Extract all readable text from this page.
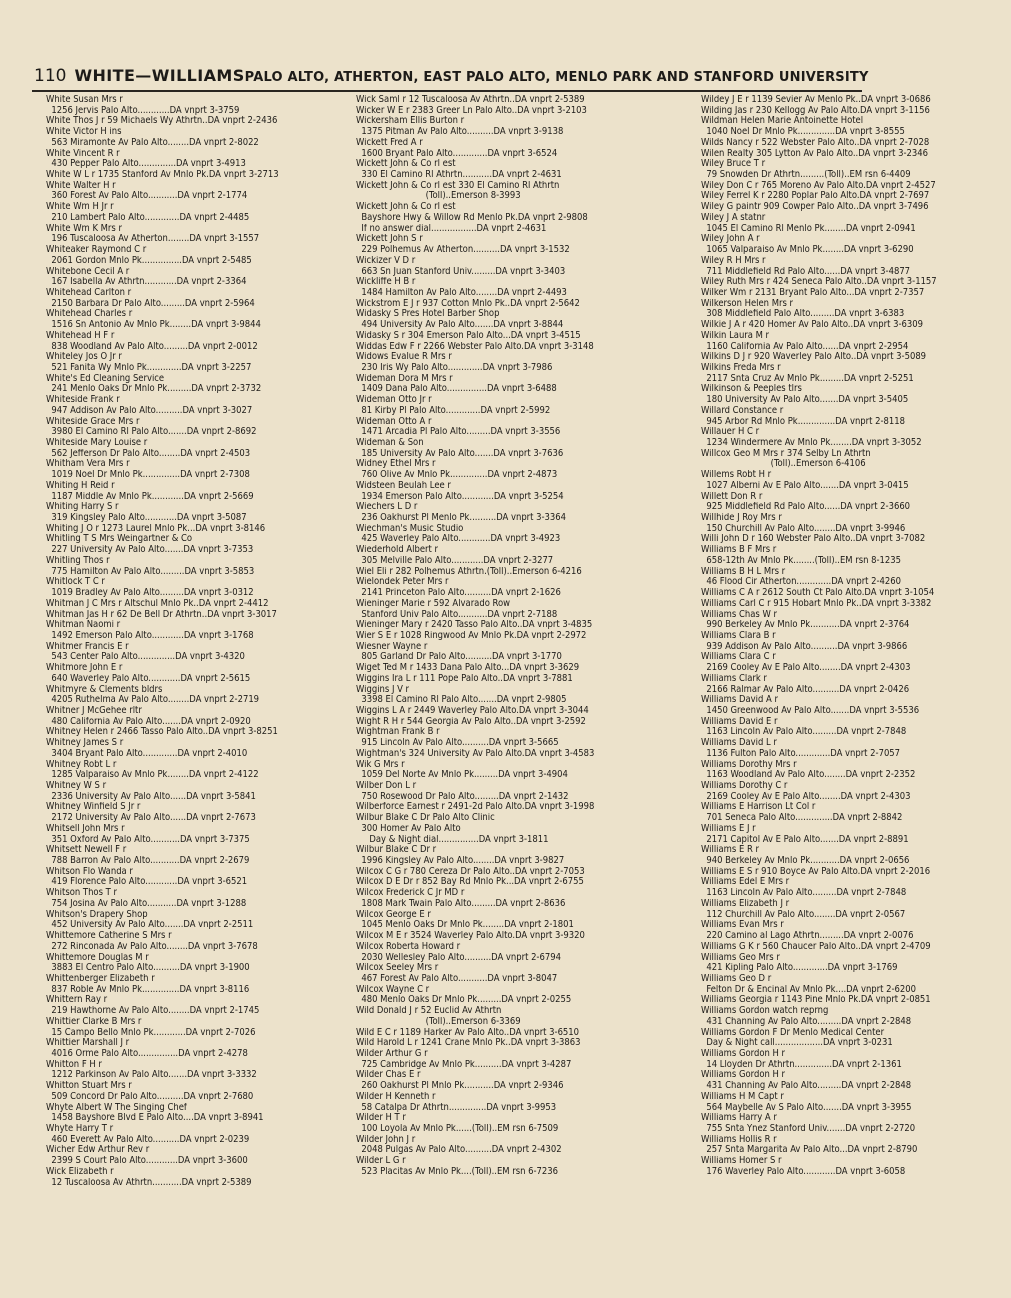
110 WHITE—WILLIAMS PALO ALTO, ATHERTON, EAST PALO ALTO, MENLO PARK AND STANFORD UNIVERSITY
White Susan Mrs r
1256 Jervis Palo Alto............DA vnprt 3-3759
White Thos J r 59 Michaels Wy Athrtn..DA vnprt 2-2436
White Victor H ins
563 Miramonte Av Palo Alto........DA vnprt 2-8022
White Vincent R r
430 Pepper Palo Alto..............DA vnprt 3-4913
White W L r 1735 Stanford Av Mnlo Pk.DA vnprt 3-2713
White Walter H r
360 Forest Av Palo Alto...........DA vnprt 2-1774
White Wm H Jr r
210 Lambert Palo Alto.............DA vnprt 2-4485
White Wm K Mrs r
196 Tuscaloosa Av Atherton........DA vnprt 3-1557
Whiteaker Raymond C r
2061 Gordon Mnlo Pk...............DA vnprt 2-5485
Whitebone Cecil A r
167 Isabella Av Athrtn............DA vnprt 2-3364
Whitehead Carlton r
2150 Barbara Dr Palo Alto.........DA vnprt 2-5964
Whitehead Charles r
1516 Sn Antonio Av Mnlo Pk........DA vnprt 3-9844
Whitehead H F r
838 Woodland Av Palo Alto.........DA vnprt 2-0012
Whiteley Jos O Jr r
521 Fanita Wy Mnlo Pk.............DA vnprt 3-2257
White's Ed Cleaning Service
241 Menlo Oaks Dr Mnlo Pk.........DA vnprt 2-3732
Whiteside Frank r
947 Addison Av Palo Alto..........DA vnprt 3-3027
Whiteside Grace Mrs r
3980 El Camino Rl Palo Alto.......DA vnprt 2-8692
Whiteside Mary Louise r
562 Jefferson Dr Palo Alto........DA vnprt 2-4503
Whitham Vera Mrs r
1019 Noel Dr Mnlo Pk..............DA vnprt 2-7308
Whiting H Reid r
1187 Middle Av Mnlo Pk............DA vnprt 2-5669
Whiting Harry S r
319 Kingsley Palo Alto............DA vnprt 3-5087
Whiting J O r 1273 Laurel Mnlo Pk...DA vnprt 3-8146
Whitling T S Mrs Weingartner & Co
227 University Av Palo Alto.......DA vnprt 3-7353
Whitling Thos r
775 Hamilton Av Palo Alto.........DA vnprt 3-5853
Whitlock T C r
1019 Bradley Av Palo Alto.........DA vnprt 3-0312
Whitman J C Mrs r Altschul Mnlo Pk..DA vnprt 2-4412
Whitman Jas H r 62 De Bell Dr Athrtn..DA vnprt 3-3017
Whitman Naomi r
1492 Emerson Palo Alto............DA vnprt 3-1768
Whitmer Francis E r
543 Center Palo Alto..............DA vnprt 3-4320
Whitmore John E r
640 Waverley Palo Alto............DA vnprt 2-5615
Whitmyre & Clements bldrs
4205 Ruthelma Av Palo Alto........DA vnprt 2-2719
Whitner J McGehee rltr
480 California Av Palo Alto.......DA vnprt 2-0920
Whitney Helen r 2466 Tasso Palo Alto..DA vnprt 3-8251
Whitney James S r
3404 Bryant Palo Alto.............DA vnprt 2-4010
Whitney Robt L r
1285 Valparaiso Av Mnlo Pk........DA vnprt 2-4122
Whitney W S r
2336 University Av Palo Alto......DA vnprt 3-5841
Whitney Winfield S Jr r
2172 University Av Palo Alto......DA vnprt 2-7673
Whitsell John Mrs r
351 Oxford Av Palo Alto...........DA vnprt 3-7375
Whitsett Newell F r
788 Barron Av Palo Alto...........DA vnprt 2-2679
Whitson Flo Wanda r
419 Florence Palo Alto............DA vnprt 3-6521
Whitson Thos T r
754 Josina Av Palo Alto...........DA vnprt 3-1288
Whitson's Drapery Shop
452 University Av Palo Alto.......DA vnprt 2-2511
Whittemore Catherine S Mrs r
272 Rinconada Av Palo Alto........DA vnprt 3-7678
Whittemore Douglas M r
3883 El Centro Palo Alto..........DA vnprt 3-1900
Whittenberger Elizabeth r
837 Roble Av Mnlo Pk..............DA vnprt 3-8116
Whittern Ray r
219 Hawthorne Av Palo Alto........DA vnprt 2-1745
Whittier Clarke B Mrs r
15 Campo Bello Mnlo Pk............DA vnprt 2-7026
Whittier Marshall J r
4016 Orme Palo Alto...............DA vnprt 2-4278
Whitton F H r
1212 Parkinson Av Palo Alto.......DA vnprt 3-3332
Whitton Stuart Mrs r
509 Concord Dr Palo Alto..........DA vnprt 2-7680
Whyte Albert W The Singing Chef
1458 Bayshore Blvd E Palo Alto....DA vnprt 3-8941
Whyte Harry T r
460 Everett Av Palo Alto..........DA vnprt 2-0239
Wicher Edw Arthur Rev r
2399 S Court Palo Alto............DA vnprt 3-3600
Wick Elizabeth r
12 Tuscaloosa Av Athrtn...........DA vnprt 2-5389
Wick Saml r 12 Tuscaloosa Av Athrtn..DA vnprt 2-5389
Wicker W E r 2383 Greer Ln Palo Alto..DA vnprt 3-2103
Wickersham Ellis Burton r
1375 Pitman Av Palo Alto..........DA vnprt 3-9138
Wickett Fred A r
1600 Bryant Palo Alto.............DA vnprt 3-6524
Wickett John & Co rl est
330 El Camino Rl Athrtn...........DA vnprt 2-4631
Wickett John & Co rl est 330 El Camino Rl Athrtn
(Toll)..Emerson 8-3993
Wickett John & Co rl est
Bayshore Hwy & Willow Rd Menlo Pk.DA vnprt 2-9808
If no answer dial.................DA vnprt 2-4631
Wickett John S r
229 Polhemus Av Atherton..........DA vnprt 3-1532
Wickizer V D r
663 Sn Juan Stanford Univ.........DA vnprt 3-3403
Wickliffe H B r
1484 Hamilton Av Palo Alto........DA vnprt 2-4493
Wickstrom E J r 937 Cotton Mnlo Pk..DA vnprt 2-5642
Widasky S Pres Hotel Barber Shop
494 University Av Palo Alto.......DA vnprt 3-8844
Widasky S r 304 Emerson Palo Alto...DA vnprt 3-4515
Widdas Edw F r 2266 Webster Palo Alto.DA vnprt 3-3148
Widows Evalue R Mrs r
230 Iris Wy Palo Alto.............DA vnprt 3-7986
Wideman Dora M Mrs r
1409 Dana Palo Alto...............DA vnprt 3-6488
Wideman Otto Jr r
81 Kirby Pl Palo Alto.............DA vnprt 2-5992
Wideman Otto A r
1471 Arcadia Pl Palo Alto.........DA vnprt 3-3556
Wideman & Son
185 University Av Palo Alto.......DA vnprt 3-7636
Widney Ethel Mrs r
760 Olive Av Mnlo Pk..............DA vnprt 2-4873
Widsteen Beulah Lee r
1934 Emerson Palo Alto............DA vnprt 3-5254
Wiechers L D r
236 Oakhurst Pl Menlo Pk..........DA vnprt 3-3364
Wiechman's Music Studio
425 Waverley Palo Alto............DA vnprt 3-4923
Wiederhold Albert r
305 Melville Palo Alto............DA vnprt 2-3277
Wiel Eli r 282 Polhemus Athrtn.(Toll)..Emerson 6-4216
Wielondek Peter Mrs r
2141 Princeton Palo Alto..........DA vnprt 2-1626
Wieninger Marie r 592 Alvarado Row
Stanford Univ Palo Alto...........DA vnprt 2-7188
Wieninger Mary r 2420 Tasso Palo Alto..DA vnprt 3-4835
Wier S E r 1028 Ringwood Av Mnlo Pk.DA vnprt 2-2972
Wiesner Wayne r
805 Garland Dr Palo Alto..........DA vnprt 3-1770
Wiget Ted M r 1433 Dana Palo Alto...DA vnprt 3-3629
Wiggins Ira L r 111 Pope Palo Alto..DA vnprt 3-7881
Wiggins J V r
3398 El Camino Rl Palo Alto.......DA vnprt 2-9805
Wiggins L A r 2449 Waverley Palo Alto.DA vnprt 3-3044
Wight R H r 544 Georgia Av Palo Alto..DA vnprt 3-2592
Wightman Frank B r
915 Lincoln Av Palo Alto..........DA vnprt 3-5665
Wightman's 324 University Av Palo Alto.DA vnprt 3-4583
Wik G Mrs r
1059 Del Norte Av Mnlo Pk.........DA vnprt 3-4904
Wilber Don L r
750 Rosewood Dr Palo Alto.........DA vnprt 2-1432
Wilberforce Earnest r 2491-2d Palo Alto.DA vnprt 3-1998
Wilbur Blake C Dr Palo Alto Clinic
300 Homer Av Palo Alto
Day & Night dial...............DA vnprt 3-1811
Wilbur Blake C Dr r
1996 Kingsley Av Palo Alto........DA vnprt 3-9827
Wilcox C G r 780 Cereza Dr Palo Alto..DA vnprt 2-7053
Wilcox D E Dr r 852 Bay Rd Mnlo Pk...DA vnprt 2-6755
Wilcox Frederick C Jr MD r
1808 Mark Twain Palo Alto.........DA vnprt 2-8636
Wilcox George E r
1045 Menlo Oaks Dr Mnlo Pk........DA vnprt 2-1801
Wilcox M E r 3524 Waverley Palo Alto.DA vnprt 3-9320
Wilcox Roberta Howard r
2030 Wellesley Palo Alto..........DA vnprt 2-6794
Wilcox Seeley Mrs r
467 Forest Av Palo Alto...........DA vnprt 3-8047
Wilcox Wayne C r
480 Menlo Oaks Dr Mnlo Pk.........DA vnprt 2-0255
Wild Donald J r 52 Euclid Av Athrtn
(Toll)..Emerson 6-3369
Wild E C r 1189 Harker Av Palo Alto..DA vnprt 3-6510
Wild Harold L r 1241 Crane Mnlo Pk..DA vnprt 3-3863
Wilder Arthur G r
725 Cambridge Av Mnlo Pk..........DA vnprt 3-4287
Wilder Chas E r
260 Oakhurst Pl Mnlo Pk...........DA vnprt 2-9346
Wilder H Kenneth r
58 Catalpa Dr Athrtn..............DA vnprt 3-9953
Wilder H T r
100 Loyola Av Mnlo Pk......(Toll)..EM rsn 6-7509
Wilder John J r
2048 Pulgas Av Palo Alto..........DA vnprt 2-4302
Wilder L G r
523 Placitas Av Mnlo Pk....(Toll)..EM rsn 6-7236
Wildey J E r 1139 Sevier Av Menlo Pk..DA vnprt 3-0686
Wilding Jas r 230 Kellogg Av Palo Alto.DA vnprt 3-1156
Wildman Helen Marie Antoinette Hotel
1040 Noel Dr Mnlo Pk..............DA vnprt 3-8555
Wilds Nancy r 522 Webster Palo Alto..DA vnprt 2-7028
Wilen Realty 305 Lytton Av Palo Alto..DA vnprt 3-2346
Wiley Bruce T r
79 Snowden Dr Athrtn.........(Toll)..EM rsn 6-4409
Wiley Don C r 765 Moreno Av Palo Alto.DA vnprt 2-4527
Wiley Ferrel K r 2280 Poplar Palo Alto.DA vnprt 2-7697
Wiley G paintr 909 Cowper Palo Alto..DA vnprt 3-7496
Wiley J A statnr
1045 El Camino Rl Menlo Pk........DA vnprt 2-0941
Wiley John A r
1065 Valparaiso Av Mnlo Pk........DA vnprt 3-6290
Wiley R H Mrs r
711 Middlefield Rd Palo Alto......DA vnprt 3-4877
Wiley Ruth Mrs r 424 Seneca Palo Alto..DA vnprt 3-1157
Wilker Wm r 2131 Bryant Palo Alto...DA vnprt 2-7357
Wilkerson Helen Mrs r
308 Middlefield Palo Alto.........DA vnprt 3-6383
Wilkie J A r 420 Homer Av Palo Alto..DA vnprt 3-6309
Wilkin Laura M r
1160 California Av Palo Alto......DA vnprt 2-2954
Wilkins D J r 920 Waverley Palo Alto..DA vnprt 3-5089
Wilkins Freda Mrs r
2117 Snta Cruz Av Mnlo Pk.........DA vnprt 2-5251
Wilkinson & Peeples tlrs
180 University Av Palo Alto.......DA vnprt 3-5405
Willard Constance r
945 Arbor Rd Mnlo Pk..............DA vnprt 2-8118
Willauer H C r
1234 Windermere Av Mnlo Pk........DA vnprt 3-3052
Willcox Geo M Mrs r 374 Selby Ln Athrtn
(Toll)..Emerson 6-4106
Willems Robt H r
1027 Alberni Av E Palo Alto.......DA vnprt 3-0415
Willett Don R r
925 Middlefield Rd Palo Alto......DA vnprt 2-3660
Willhide J Roy Mrs r
150 Churchill Av Palo Alto........DA vnprt 3-9946
Willi John D r 160 Webster Palo Alto..DA vnprt 3-7082
Williams B F Mrs r
658-12th Av Mnlo Pk........(Toll)..EM rsn 8-1235
Williams B H L Mrs r
46 Flood Cir Atherton.............DA vnprt 2-4260
Williams C A r 2612 South Ct Palo Alto.DA vnprt 3-1054
Williams Carl C r 915 Hobart Mnlo Pk..DA vnprt 3-3382
Williams Chas W r
990 Berkeley Av Mnlo Pk...........DA vnprt 2-3764
Williams Clara B r
939 Addison Av Palo Alto..........DA vnprt 3-9866
Williams Clara C r
2169 Cooley Av E Palo Alto........DA vnprt 2-4303
Williams Clark r
2166 Ralmar Av Palo Alto..........DA vnprt 2-0426
Williams David A r
1450 Greenwood Av Palo Alto.......DA vnprt 3-5536
Williams David E r
1163 Lincoln Av Palo Alto.........DA vnprt 2-7848
Williams David L r
1136 Fulton Palo Alto.............DA vnprt 2-7057
Williams Dorothy Mrs r
1163 Woodland Av Palo Alto........DA vnprt 2-2352
Williams Dorothy C r
2169 Cooley Av E Palo Alto........DA vnprt 2-4303
Williams E Harrison Lt Col r
701 Seneca Palo Alto..............DA vnprt 2-8842
Williams E J r
2171 Capitol Av E Palo Alto.......DA vnprt 2-8891
Williams E R r
940 Berkeley Av Mnlo Pk...........DA vnprt 2-0656
Williams E S r 910 Boyce Av Palo Alto.DA vnprt 2-2016
Williams Edel E Mrs r
1163 Lincoln Av Palo Alto.........DA vnprt 2-7848
Williams Elizabeth J r
112 Churchill Av Palo Alto........DA vnprt 2-0567
Williams Evan Mrs r
220 Camino al Lago Athrtn.........DA vnprt 2-0076
Williams G K r 560 Chaucer Palo Alto..DA vnprt 2-4709
Williams Geo Mrs r
421 Kipling Palo Alto.............DA vnprt 3-1769
Williams Geo D r
Felton Dr & Encinal Av Mnlo Pk....DA vnprt 2-6200
Williams Georgia r 1143 Pine Mnlo Pk.DA vnprt 2-0851
Williams Gordon watch reprng
431 Channing Av Palo Alto.........DA vnprt 2-2848
Williams Gordon F Dr Menlo Medical Center
Day & Night call..................DA vnprt 3-0231
Williams Gordon H r
14 Lloyden Dr Athrtn..............DA vnprt 2-1361
Williams Gordon H r
431 Channing Av Palo Alto.........DA vnprt 2-2848
Williams H M Capt r
564 Maybelle Av S Palo Alto.......DA vnprt 3-3955
Williams Harry A r
755 Snta Ynez Stanford Univ.......DA vnprt 2-2720
Williams Hollis R r
257 Snta Margarita Av Palo Alto...DA vnprt 2-8790
Williams Homer S r
176 Waverley Palo Alto............DA vnprt 3-6058
